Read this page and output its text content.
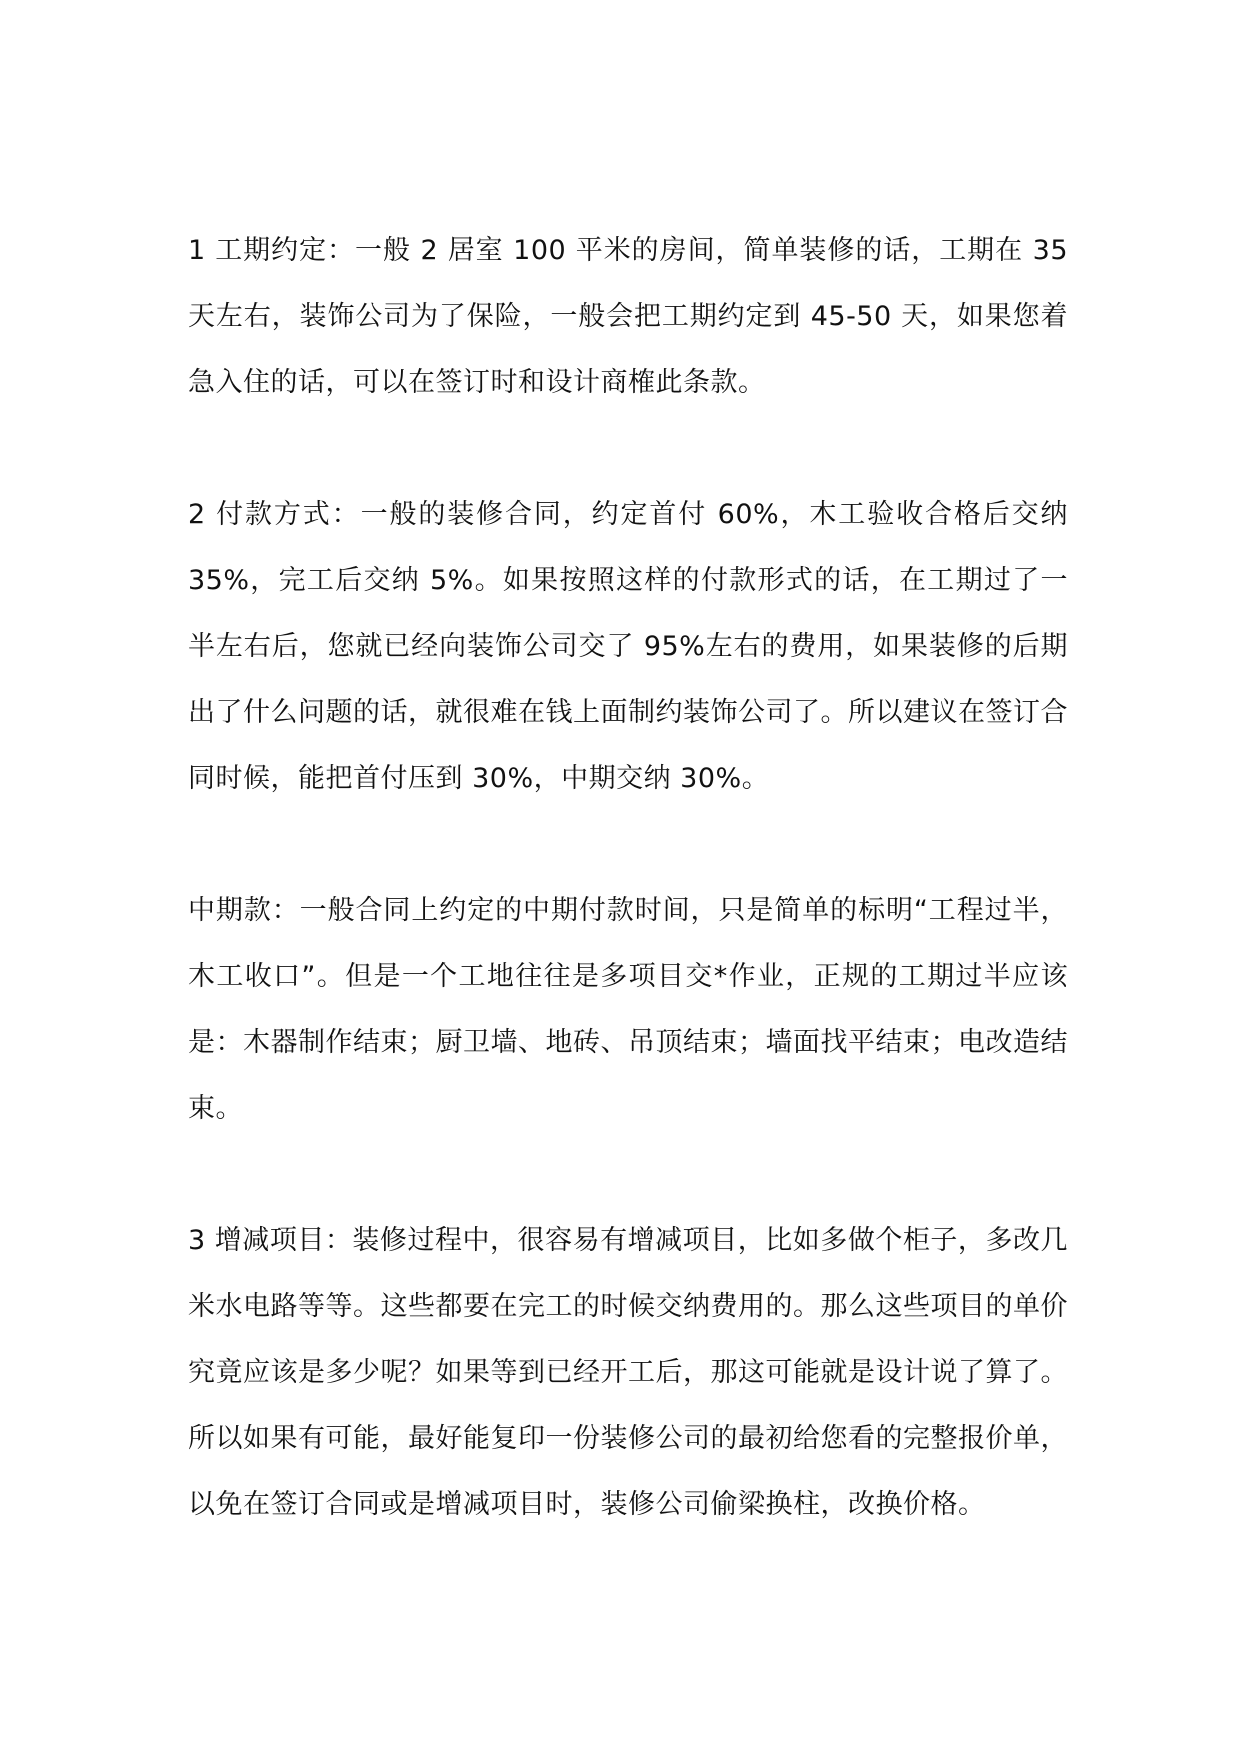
1 工期约定：一般 2 居室 100 平米的房间，简单装修的话，工期在 35 天左右，装饰公司为了保险，一般会把工期约定到 45-50 天，如果您着急入住的话，可以在签订时和设计商榷此条款。

2 付款方式：一般的装修合同，约定首付 60%，木工验收合格后交纳 35%，完工后交纳 5%。如果按照这样的付款形式的话，在工期过了一半左右后，您就已经向装饰公司交了 95%左右的费用，如果装修的后期出了什么问题的话，就很难在钱上面制约装饰公司了。所以建议在签订合同时候，能把首付压到 30%，中期交纳 30%。

中期款：一般合同上约定的中期付款时间，只是简单的标明“工程过半，木工收口”。但是一个工地往往是多项目交*作业，正规的工期过半应该是：木器制作结束；厨卫墙、地砖、吊顶结束；墙面找平结束；电改造结束。

3 增减项目：装修过程中，很容易有增减项目，比如多做个柜子，多改几米水电路等等。这些都要在完工的时候交纳费用的。那么这些项目的单价究竟应该是多少呢？如果等到已经开工后，那这可能就是设计说了算了。所以如果有可能，最好能复印一份装修公司的最初给您看的完整报价单，以免在签订合同或是增减项目时，装修公司偷梁换柱，改换价格。
